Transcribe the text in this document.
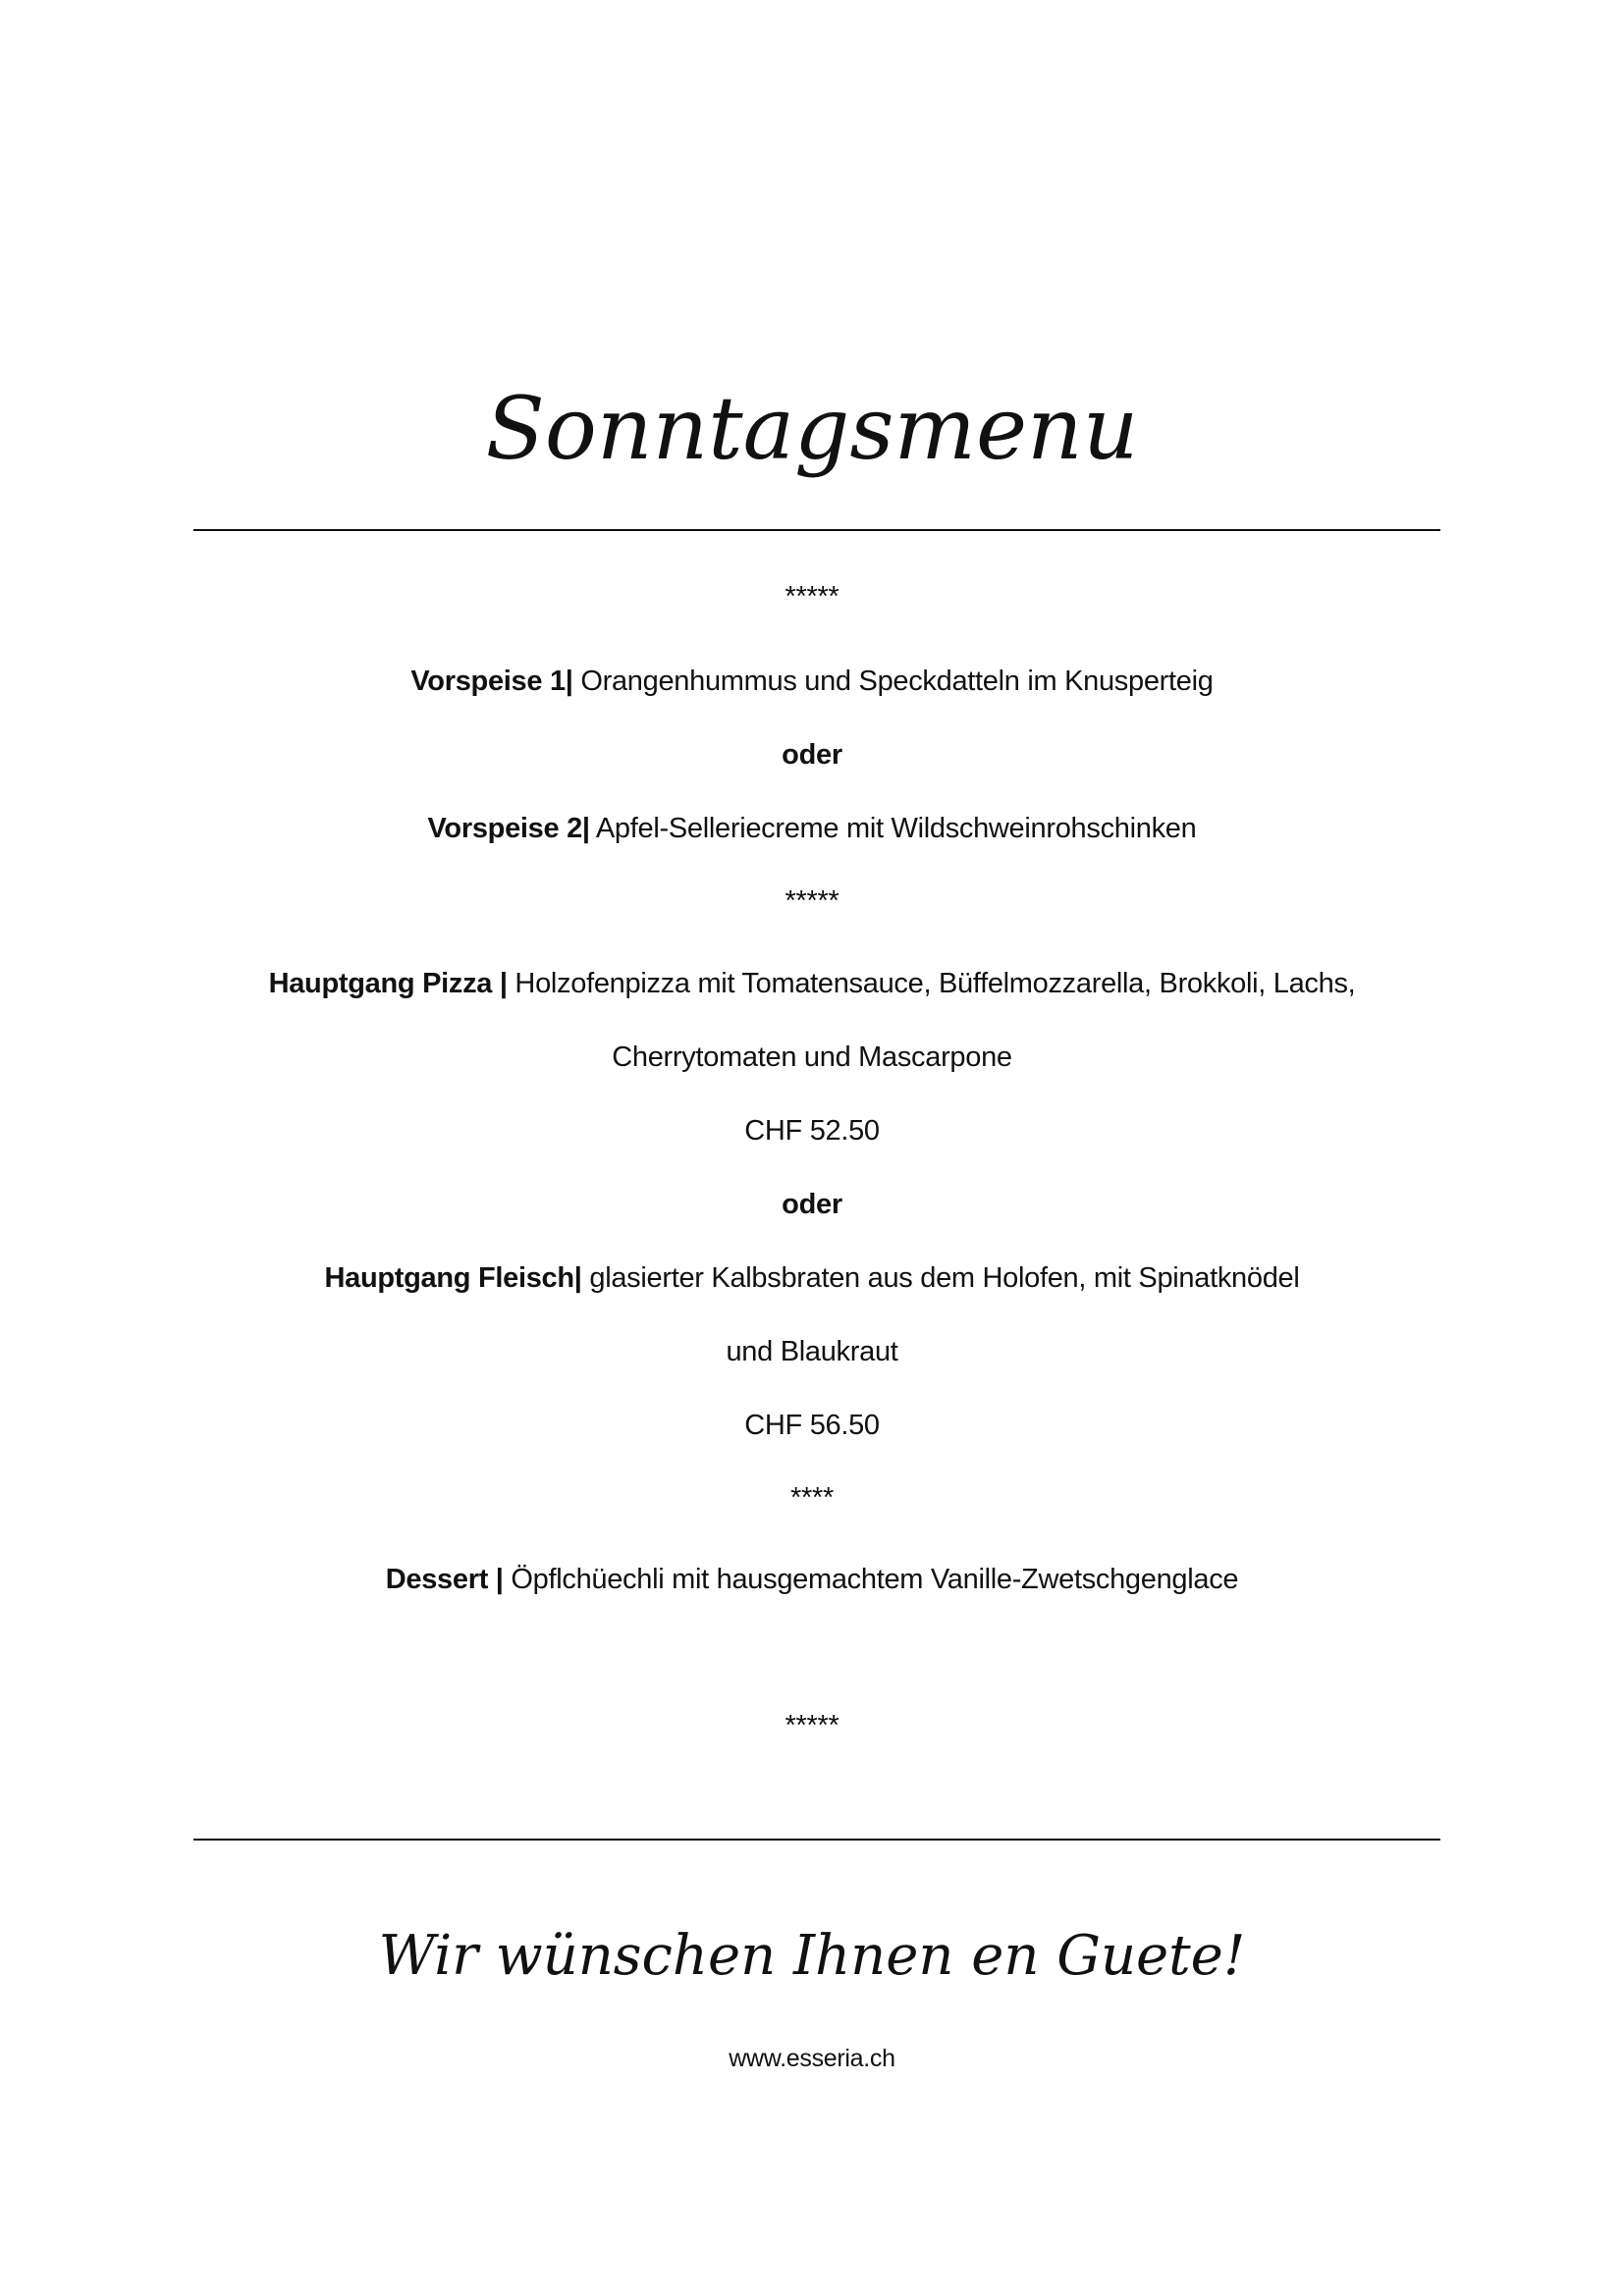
Sonntagsmenu
*****
Vorspeise 1| Orangenhummus und Speckdatteln im Knusperteig
oder
Vorspeise 2| Apfel-Selleriecreme mit Wildschweinrohschinken
*****
Hauptgang Pizza | Holzofenpizza mit Tomatensauce, Büffelmozzarella, Brokkoli, Lachs,
Cherrytomaten und Mascarpone
CHF 52.50
oder
Hauptgang Fleisch| glasierter Kalbsbraten aus dem Holofen, mit Spinatknödel
und Blaukraut
CHF 56.50
****
Dessert | Öpflchüechli mit hausgemachtem Vanille-Zwetschgenglace
*****
Wir wünschen Ihnen en Guete!
www.esseria.ch
